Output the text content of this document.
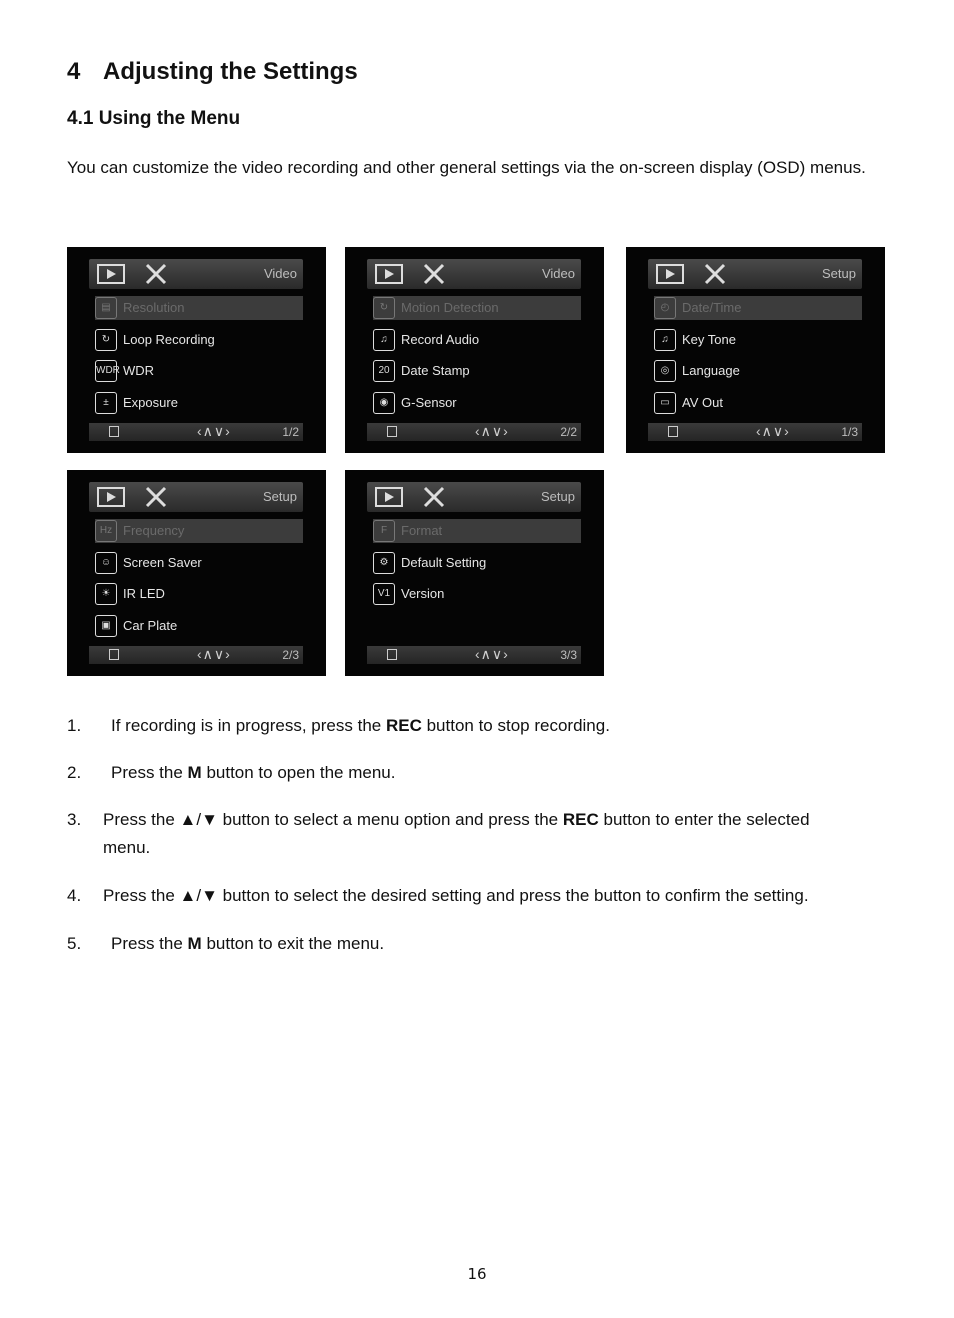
4 Adjusting the Settings
4.1 Using the Menu
You can customize the video recording and other general settings via the on-screen display (OSD) menus.
Video
▤ Resolution
↻ Loop Recording
WDR WDR
±	Exposure
‹∧∨›	1/2
Video
↻ Motion Detection
♫	Record Audio
20 Date Stamp
◉ G-Sensor
‹∧∨›	2/2
Setup
◴ Date/Time
♫	Key Tone
◎ Language
▭ AV Out
‹∧∨›	1/3
Setup
Hz Frequency
☺ Screen Saver
☀ IR LED
▣ Car Plate
‹∧∨›	2/3
Setup
F	Format
⚙ Default Setting
V1 Version
‹∧∨›	3/3
1. If recording is in progress, press the REC button to stop recording.
2. Press the M button to open the menu.
3. Press the ▲/▼ button to select a menu option and press the REC button to enter the selected menu.
4. Press the ▲/▼ button to select the desired setting and press the button to confirm the setting.
5. Press the M button to exit the menu.
16
